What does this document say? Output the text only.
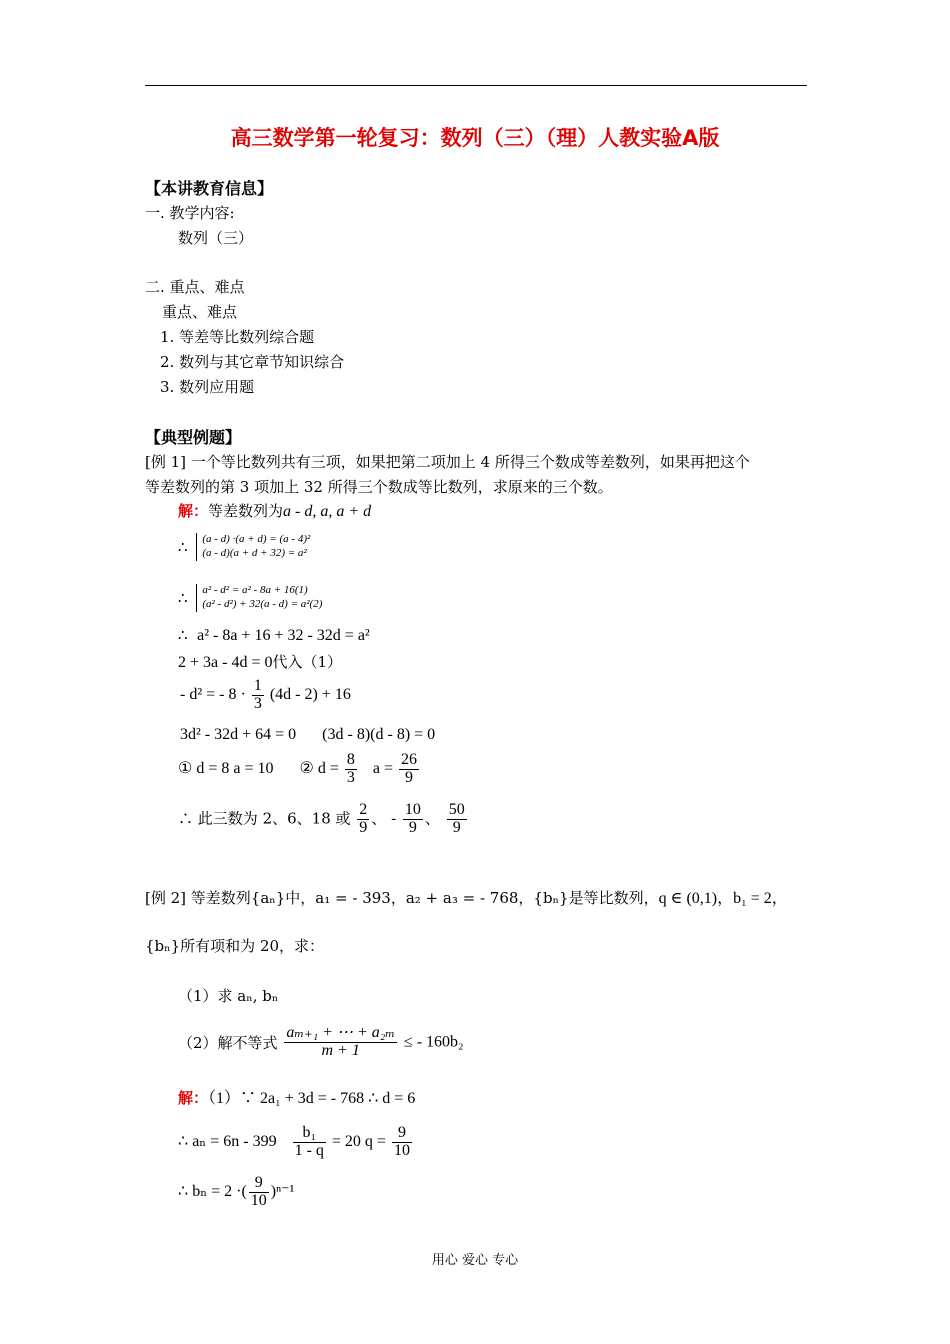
高三数学第一轮复习：数列（三）（理）人教实验A版
【本讲教育信息】
一. 教学内容:
数列（三）
二. 重点、难点
重点、难点
1. 等差等比数列综合题
2. 数列与其它章节知识综合
3. 数列应用题
【典型例题】
[例 1] 一个等比数列共有三项，如果把第二项加上 4 所得三个数成等差数列，如果再把这个
等差数列的第 3 项加上 32 所得三个数成等比数列，求原来的三个数。
解：等差数列为a - d, a, a + d
∴ (a - d) ·(a + d) = (a - 4)²
(a - d)(a + d + 32) = a²
∴ a² - d² = a² - 8a + 16(1)
(a² - d²) + 32(a - d) = a²(2)
∴ a² - 8a + 16 + 32 - 32d = a²
2 + 3a - 4d = 0代入（1）
- d² = - $8 \cdot \frac{1}{3} (4d - 2) + 16$
3d² - 32d + 64 = 0 (3d - 8)(d - 8) = 0
① d = 8 a = 10 ② $d = \frac{8}{3}$ $a = \frac{26}{9}$
∴ 此三数为 2、6、18 或 $\frac{2}{9}$ 、 - $\frac{10}{9}$ 、 $\frac{50}{9}$
[例 2] 等差数列{aₙ}中，a₁ = - 393，a₂ + a₃ = - 768，{bₙ}是等比数列，q ∈ (0,1)，b₁ = 2，
{bₙ}所有项和为 20，求：
（1）求 aₙ, bₙ
（2）解不等式 $\frac{\text{aₘ₊₁ + ⋯ + a₂ₘ}}{m + 1}$ ≤ - 160b₂
解：（1）∵ 2a₁ + 3d = - 768 ∴ d = 6
∴ $a_n = 6n - 399 \frac{\text{b₁}}{1 - q} = 20$ $q = \frac{9}{10}$
∴ bₙ = 2 ·( $\frac{9}{10} )^{n-1}$
用心 爱心 专心
